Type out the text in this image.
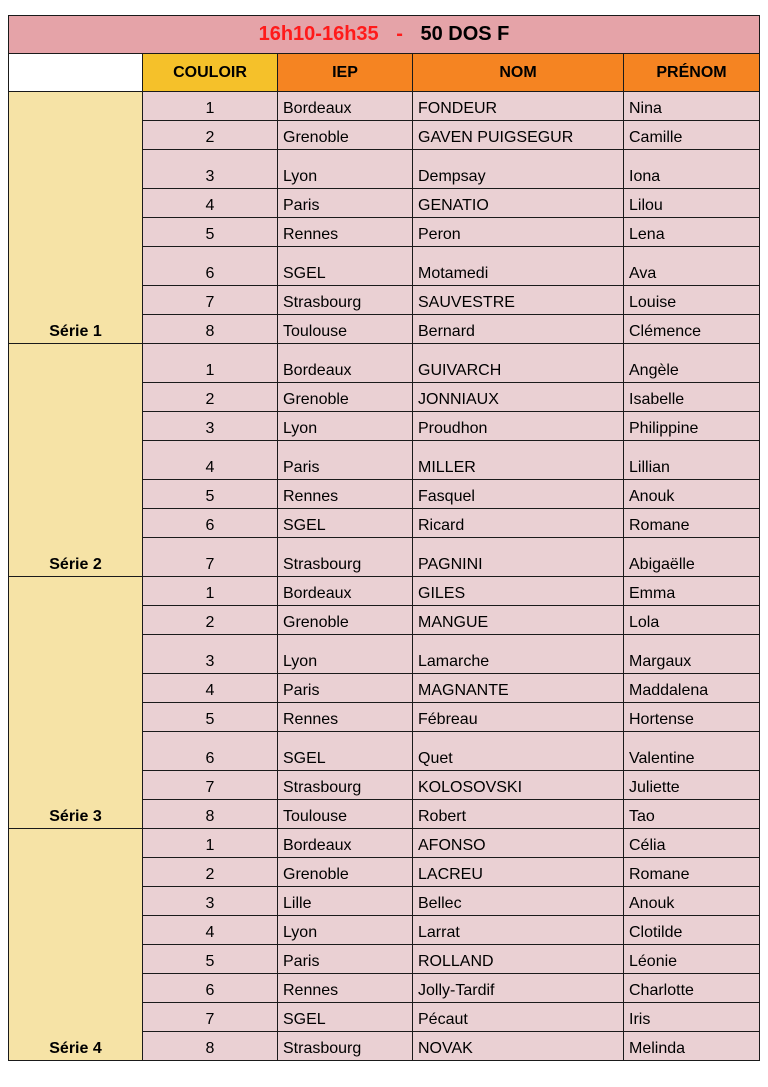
16h10-16h35 - 50 DOS F				
	COULOIR	IEP	NOM	PRÉNOM
Série 1	1	Bordeaux	FONDEUR	Nina
	2	Grenoble	GAVEN PUIGSEGUR	Camille
	3	Lyon	Dempsay	Iona
	4	Paris	GENATIO	Lilou
	5	Rennes	Peron	Lena
	6	SGEL	Motamedi	Ava
	7	Strasbourg	SAUVESTRE	Louise
	8	Toulouse	Bernard	Clémence
Série 2	1	Bordeaux	GUIVARCH	Angèle
	2	Grenoble	JONNIAUX	Isabelle
	3	Lyon	Proudhon	Philippine
	4	Paris	MILLER	Lillian
	5	Rennes	Fasquel	Anouk
	6	SGEL	Ricard	Romane
	7	Strasbourg	PAGNINI	Abigaëlle
Série 3	1	Bordeaux	GILES	Emma
	2	Grenoble	MANGUE	Lola
	3	Lyon	Lamarche	Margaux
	4	Paris	MAGNANTE	Maddalena
	5	Rennes	Fébreau	Hortense
	6	SGEL	Quet	Valentine
	7	Strasbourg	KOLOSOVSKI	Juliette
	8	Toulouse	Robert	Tao
Série 4	1	Bordeaux	AFONSO	Célia
	2	Grenoble	LACREU	Romane
	3	Lille	Bellec	Anouk
	4	Lyon	Larrat	Clotilde
	5	Paris	ROLLAND	Léonie
	6	Rennes	Jolly-Tardif	Charlotte
	7	SGEL	Pécaut	Iris
	8	Strasbourg	NOVAK	Melinda
